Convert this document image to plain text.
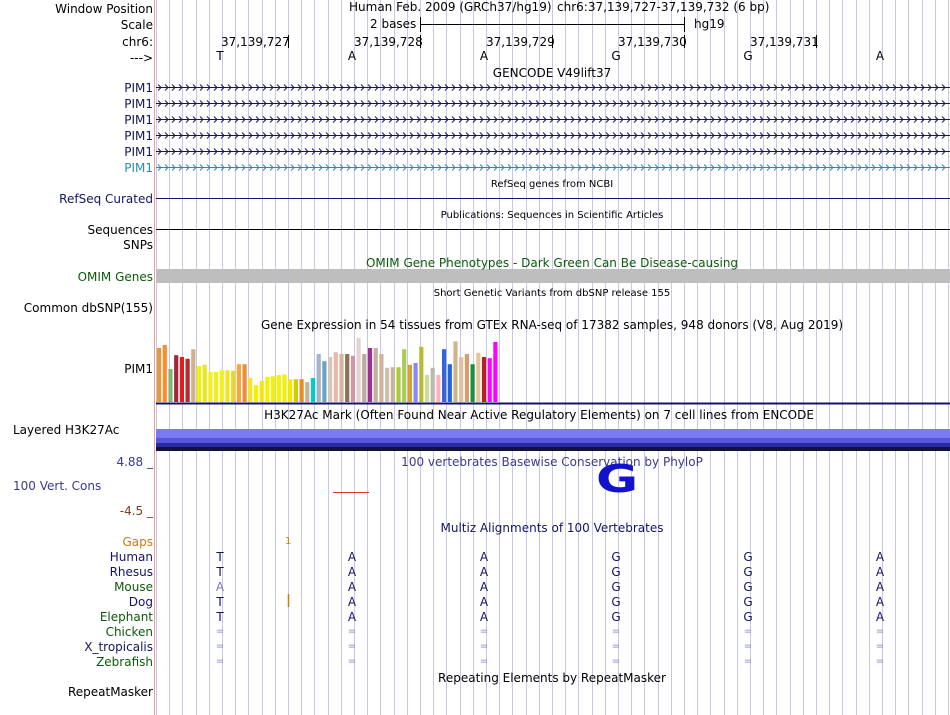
Window Position
Scale
chr6:
--->
Human Feb. 2009 (GRCh37/hg19) chr6:37,139,727-37,139,732 (6 bp)
2 bases	hg19
37,139,727	37,139,728	37,139,729	37,139,730	37,139,731
T	A	A	G	G	A
GENCODE V49lift37
PIM1
PIM1
PIM1
PIM1
PIM1
PIM1
RefSeq genes from NCBI
RefSeq Curated
Publications: Sequences in Scientific Articles
Sequences
SNPs
OMIM Gene Phenotypes - Dark Green Can Be Disease-causing
OMIM Genes
Short Genetic Variants from dbSNP release 155
Common dbSNP(155)
Gene Expression in 54 tissues from GTEx RNA-seq of 17382 samples, 948 donors (V8, Aug 2019)
PIM1
H3K27Ac Mark (Often Found Near Active Regulatory Elements) on 7 cell lines from ENCODE
Layered H3K27Ac
4.88 _	100 vertebrates Basewise Conservation by PhyloP
100 Vert. Cons
-4.5 _
G
Multiz Alignments of 100 Vertebrates
Gaps	1
Human	T	A	A	G	G	A
Rhesus	T	A	A	G	G	A
Mouse	A	A	A	G	G	A
Dog	T	A	A	G	G	A
Elephant	T	A	A	G	G	A
Chicken	=	=	=	=	=	=
X_tropicalis	=	=	=	=	=	=
Zebrafish	=	=	=	=	=	=
Repeating Elements by RepeatMasker
RepeatMasker
